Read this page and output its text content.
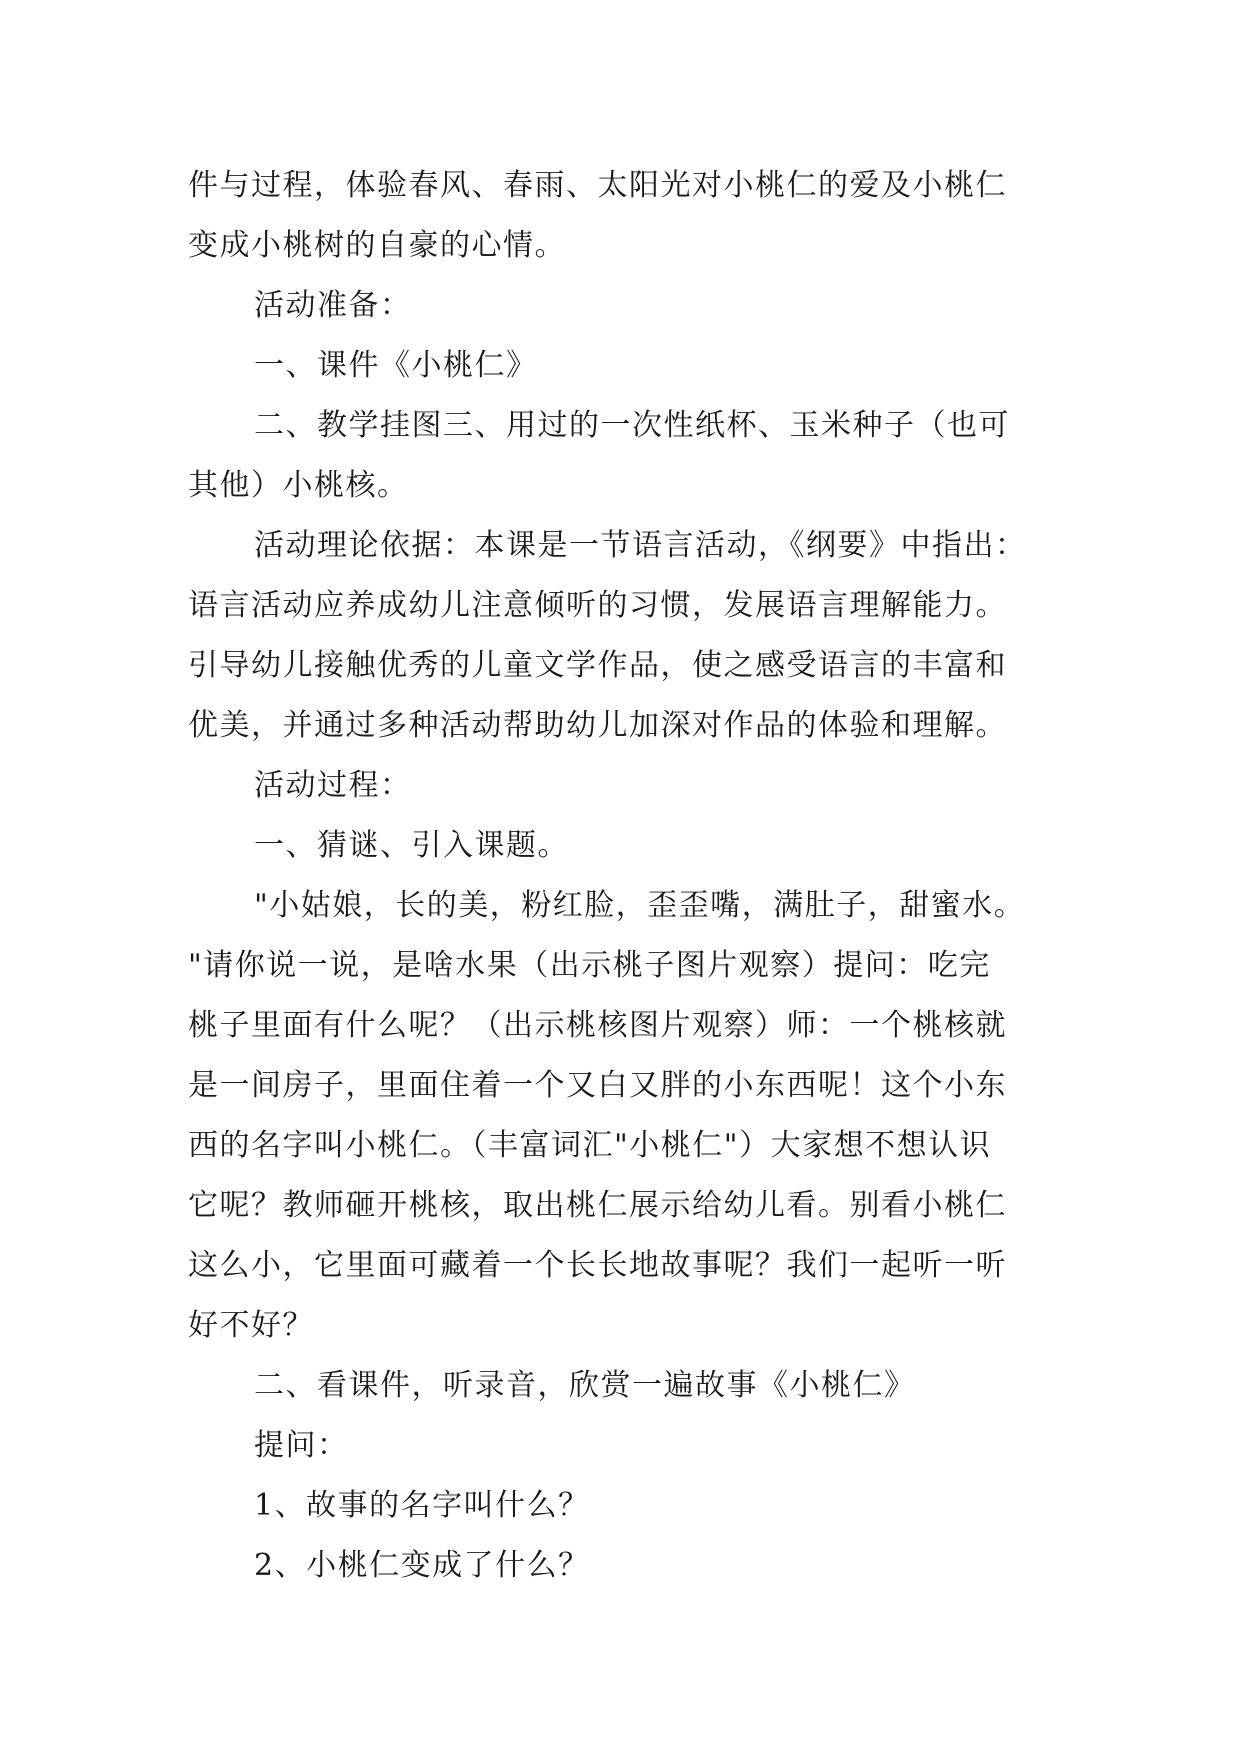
件与过程，体验春风、春雨、太阳光对小桃仁的爱及小桃仁
变成小桃树的自豪的心情。
活动准备：
一、课件《小桃仁》
二、教学挂图三、用过的一次性纸杯、玉米种子（也可
其他）小桃核。
活动理论依据：本课是一节语言活动，《纲要》中指出：
语言活动应养成幼儿注意倾听的习惯，发展语言理解能力。
引导幼儿接触优秀的儿童文学作品，使之感受语言的丰富和
优美，并通过多种活动帮助幼儿加深对作品的体验和理解。
活动过程：
一、猜谜、引入课题。
"小姑娘，长的美，粉红脸，歪歪嘴，满肚子，甜蜜水。
"请你说一说，是啥水果（出示桃子图片观察）提问：吃完
桃子里面有什么呢？（出示桃核图片观察）师：一个桃核就
是一间房子，里面住着一个又白又胖的小东西呢！这个小东
西的名字叫小桃仁。（丰富词汇"小桃仁"）大家想不想认识
它呢？教师砸开桃核，取出桃仁展示给幼儿看。别看小桃仁
这么小，它里面可藏着一个长长地故事呢？我们一起听一听
好不好？
二、看课件，听录音，欣赏一遍故事《小桃仁》
提问：
1、故事的名字叫什么？
2、小桃仁变成了什么？
